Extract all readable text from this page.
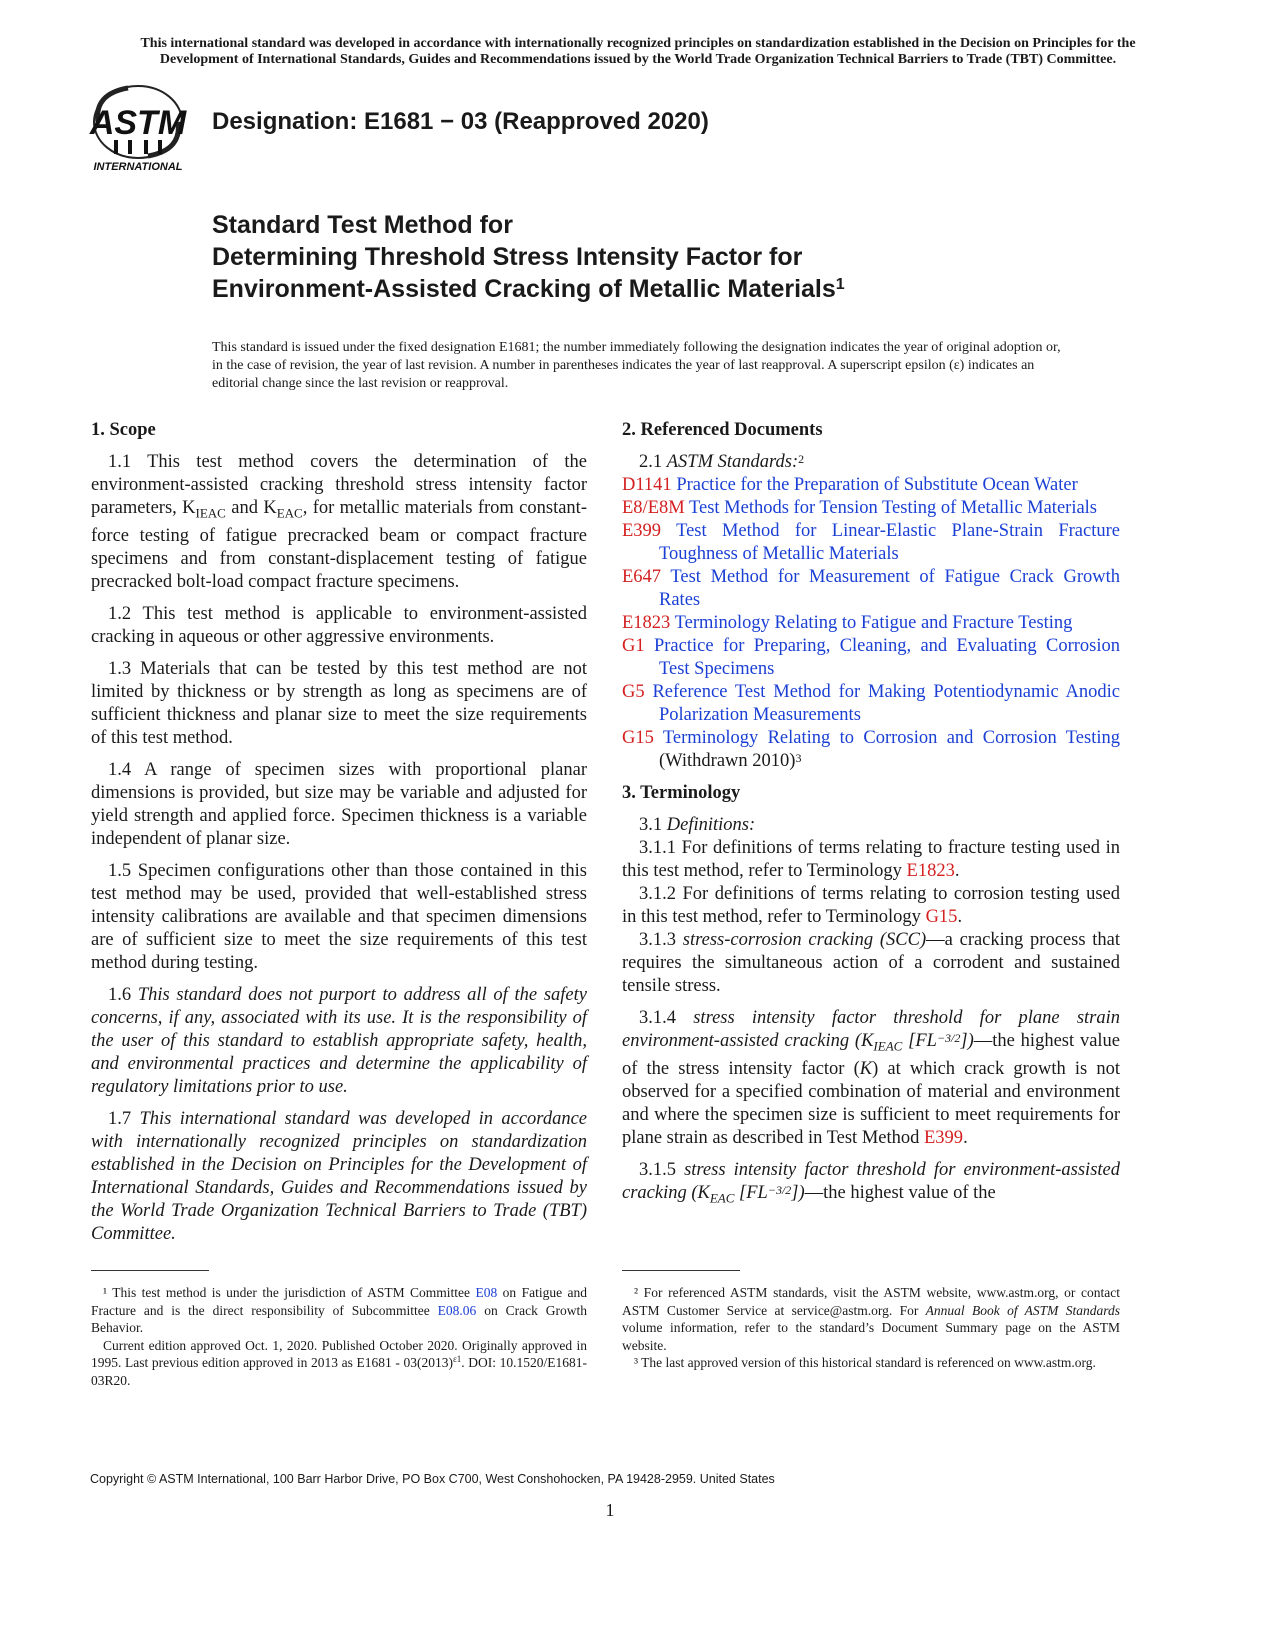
This international standard was developed in accordance with internationally recognized principles on standardization established in the Decision on Principles for the
Development of International Standards, Guides and Recommendations issued by the World Trade Organization Technical Barriers to Trade (TBT) Committee.
ASTM
INTERNATIONAL
Designation: E1681 − 03 (Reapproved 2020)
Standard Test Method for
Determining Threshold Stress Intensity Factor for
Environment-Assisted Cracking of Metallic Materials$^1$
This standard is issued under the fixed designation E1681; the number immediately following the designation indicates the year of original adoption or, in the case of revision, the year of last revision. A number in parentheses indicates the year of last reapproval. A superscript epsilon (ε) indicates an editorial change since the last revision or reapproval.
1. Scope
1.1 This test method covers the determination of the environment-assisted cracking threshold stress intensity factor parameters, $K_{IEAC}$ and $K_{EAC}$, for metallic materials from constant-force testing of fatigue precracked beam or compact fracture specimens and from constant-displacement testing of fatigue precracked bolt-load compact fracture specimens.
1.2 This test method is applicable to environment-assisted cracking in aqueous or other aggressive environments.
1.3 Materials that can be tested by this test method are not limited by thickness or by strength as long as specimens are of sufficient thickness and planar size to meet the size requirements of this test method.
1.4 A range of specimen sizes with proportional planar dimensions is provided, but size may be variable and adjusted for yield strength and applied force. Specimen thickness is a variable independent of planar size.
1.5 Specimen configurations other than those contained in this test method may be used, provided that well-established stress intensity calibrations are available and that specimen dimensions are of sufficient size to meet the size requirements of this test method during testing.
1.6 This standard does not purport to address all of the safety concerns, if any, associated with its use. It is the responsibility of the user of this standard to establish appropriate safety, health, and environmental practices and determine the applicability of regulatory limitations prior to use.
1.7 This international standard was developed in accordance with internationally recognized principles on standardization established in the Decision on Principles for the Development of International Standards, Guides and Recommendations issued by the World Trade Organization Technical Barriers to Trade (TBT) Committee.
2. Referenced Documents
2.1 ASTM Standards:$^2$
D1141 Practice for the Preparation of Substitute Ocean Water
E8/E8M Test Methods for Tension Testing of Metallic Materials
E399 Test Method for Linear-Elastic Plane-Strain Fracture Toughness of Metallic Materials
E647 Test Method for Measurement of Fatigue Crack Growth Rates
E1823 Terminology Relating to Fatigue and Fracture Testing
G1 Practice for Preparing, Cleaning, and Evaluating Corrosion Test Specimens
G5 Reference Test Method for Making Potentiodynamic Anodic Polarization Measurements
G15 Terminology Relating to Corrosion and Corrosion Testing (Withdrawn 2010)$^3$
3. Terminology
3.1 Definitions:
3.1.1 For definitions of terms relating to fracture testing used in this test method, refer to Terminology E1823.
3.1.2 For definitions of terms relating to corrosion testing used in this test method, refer to Terminology G15.
3.1.3 stress-corrosion cracking (SCC)—a cracking process that requires the simultaneous action of a corrodent and sustained tensile stress.
3.1.4 stress intensity factor threshold for plane strain environment-assisted cracking ($K_{IEAC}$ $[FL^{-3/2}])—the$ highest value of the stress intensity factor (K) at which crack growth is not observed for a specified combination of material and environment and where the specimen size is sufficient to meet requirements for plane strain as described in Test Method E399.
3.1.5 stress intensity factor threshold for environment-assisted cracking ($K_{EAC}$ $[FL^{-3/2}])—the$ highest value of the

¹ This test method is under the jurisdiction of ASTM Committee E08 on Fatigue and Fracture and is the direct responsibility of Subcommittee E08.06 on Crack Growth Behavior.

Current edition approved Oct. 1, 2020. Published October 2020. Originally approved in 1995. Last previous edition approved in 2013 as $E1681 - 03(2013)^{\varepsilon 1}$. DOI: 10.1520/E1681-03R20.

² For referenced ASTM standards, visit the ASTM website, www.astm.org, or contact ASTM Customer Service at service@astm.org. For Annual Book of ASTM Standards volume information, refer to the standard’s Document Summary page on the ASTM website.

³ The last approved version of this historical standard is referenced on www.astm.org.

Copyright © ASTM International, 100 Barr Harbor Drive, PO Box C700, West Conshohocken, PA 19428-2959. United States
1
